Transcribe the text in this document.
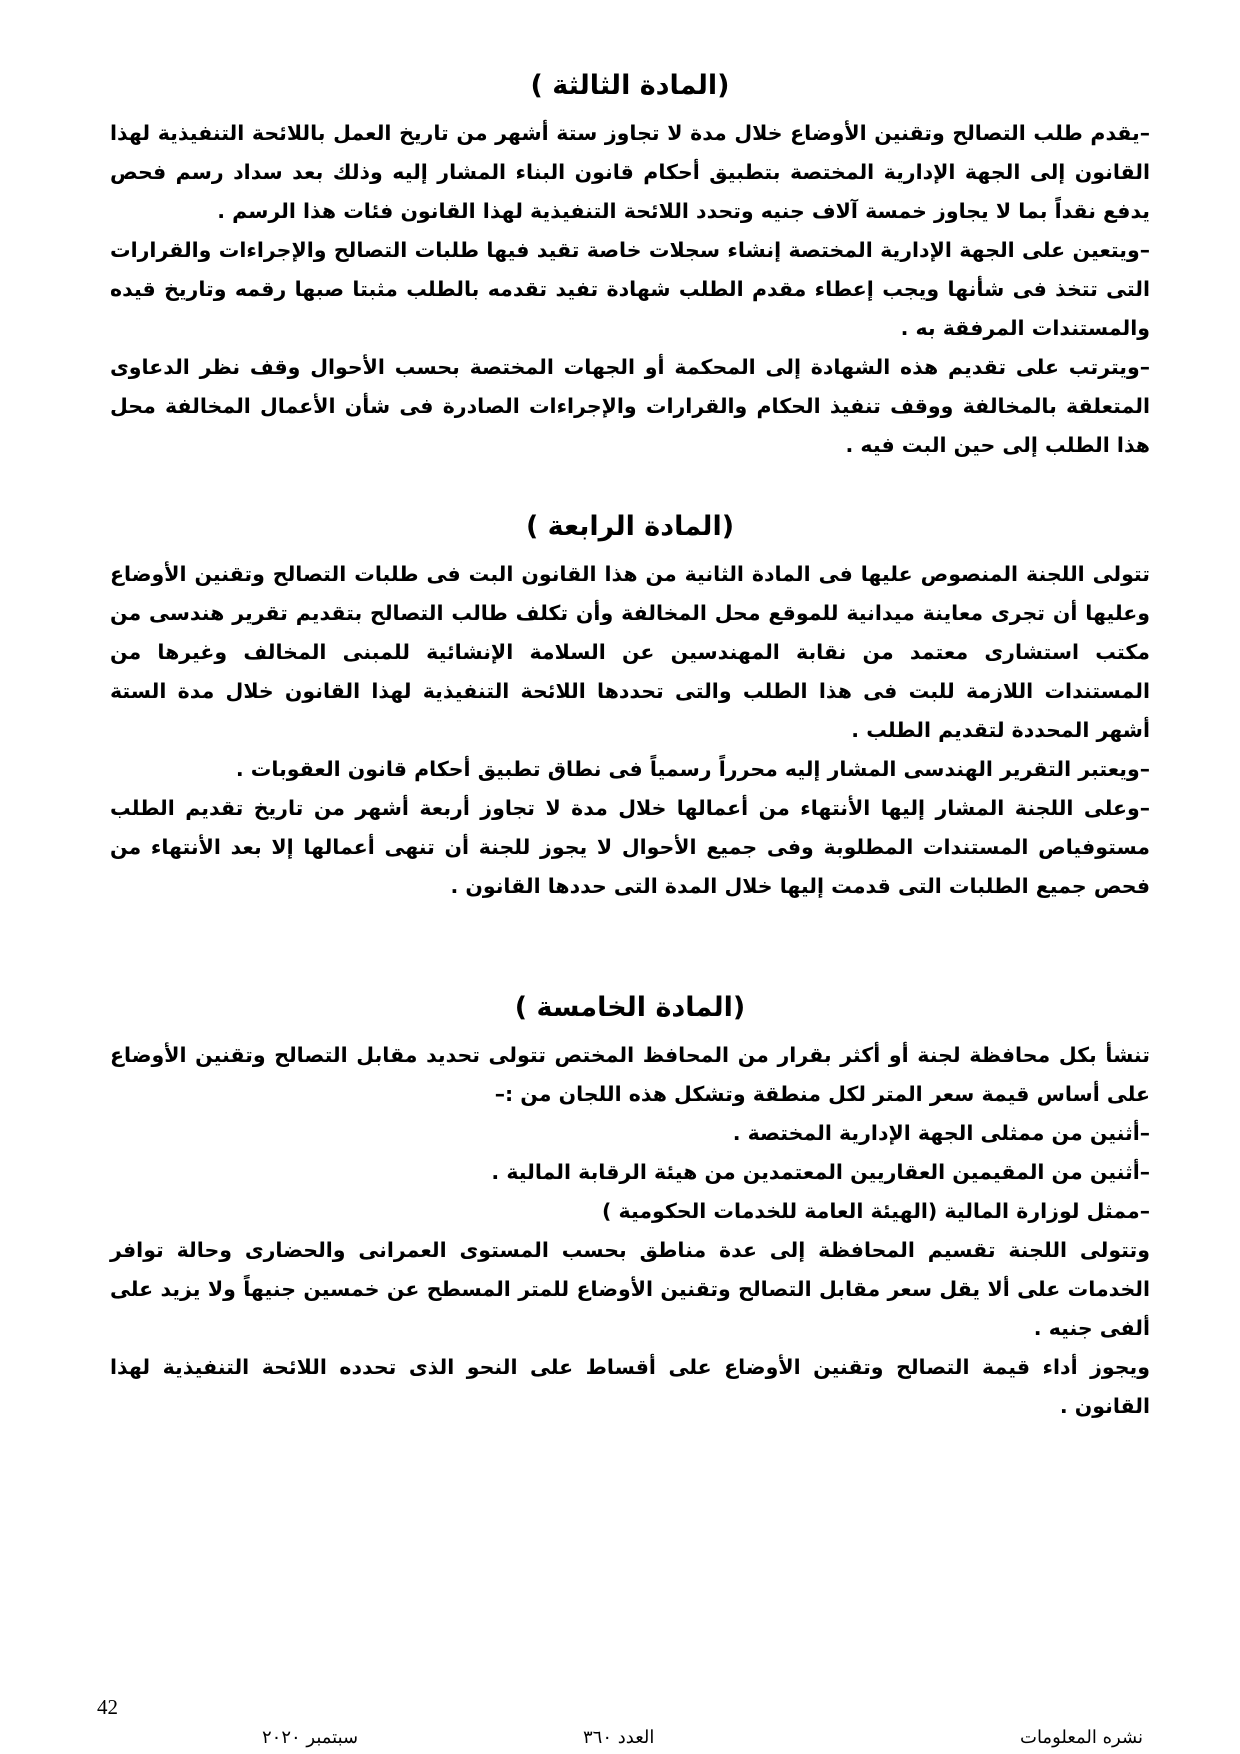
(المادة الثالثة )

–يقدم طلب التصالح وتقنين الأوضاع خلال مدة لا تجاوز ستة أشهر من تاريخ العمل باللائحة التنفيذية لهذا القانون إلى الجهة الإدارية المختصة بتطبيق أحكام قانون البناء المشار إليه وذلك بعد سداد رسم فحص يدفع نقداً بما لا يجاوز خمسة آلاف جنيه وتحدد اللائحة التنفيذية لهذا القانون فئات هذا الرسم .

–ويتعين على الجهة الإدارية المختصة إنشاء سجلات خاصة تقيد فيها طلبات التصالح والإجراءات والقرارات التى تتخذ فى شأنها ويجب إعطاء مقدم الطلب شهادة تفيد تقدمه بالطلب مثبتا صبها رقمه وتاريخ قيده والمستندات المرفقة به .

–ويترتب على تقديم هذه الشهادة إلى المحكمة أو الجهات المختصة بحسب الأحوال وقف نظر الدعاوى المتعلقة بالمخالفة ووقف تنفيذ الحكام والقرارات والإجراءات الصادرة فى شأن الأعمال المخالفة محل هذا الطلب إلى حين البت فيه .

(المادة الرابعة )

تتولى اللجنة المنصوص عليها فى المادة الثانية من هذا القانون البت فى طلبات التصالح وتقنين الأوضاع وعليها أن تجرى معاينة ميدانية للموقع محل المخالفة وأن تكلف طالب التصالح بتقديم تقرير هندسى من مكتب استشارى معتمد من نقابة المهندسين عن السلامة الإنشائية للمبنى المخالف وغيرها من المستندات اللازمة للبت فى هذا الطلب والتى تحددها اللائحة التنفيذية لهذا القانون خلال مدة الستة أشهر المحددة لتقديم الطلب .

–ويعتبر التقرير الهندسى المشار إليه محرراً رسمياً فى نطاق تطبيق أحكام قانون العقوبات .

–وعلى اللجنة المشار إليها الأنتهاء من أعمالها خلال مدة لا تجاوز أربعة أشهر من تاريخ تقديم الطلب مستوفياص المستندات المطلوبة وفى جميع الأحوال لا يجوز للجنة أن تنهى أعمالها إلا بعد الأنتهاء من فحص جميع الطلبات التى قدمت إليها خلال المدة التى حددها القانون .

(المادة الخامسة )

تنشأ بكل محافظة لجنة أو أكثر بقرار من المحافظ المختص تتولى تحديد مقابل التصالح وتقنين الأوضاع على أساس قيمة سعر المتر لكل منطقة وتشكل هذه اللجان من :–

–أثنين من ممثلى الجهة الإدارية المختصة .

–أثنين من المقيمين العقاريين المعتمدين من هيئة الرقابة المالية .

–ممثل لوزارة المالية (الهيئة العامة للخدمات الحكومية )

وتتولى اللجنة تقسيم المحافظة إلى عدة مناطق بحسب المستوى العمرانى والحضارى وحالة توافر الخدمات على ألا يقل سعر مقابل التصالح وتقنين الأوضاع للمتر المسطح عن خمسين جنيهاً ولا يزيد على ألفى جنيه .

ويجوز أداء قيمة التصالح وتقنين الأوضاع على أقساط على النحو الذى تحدده اللائحة التنفيذية لهذا القانون .

42
سبتمبر ٢٠٢٠	العدد ٣٦٠	نشره المعلومات
